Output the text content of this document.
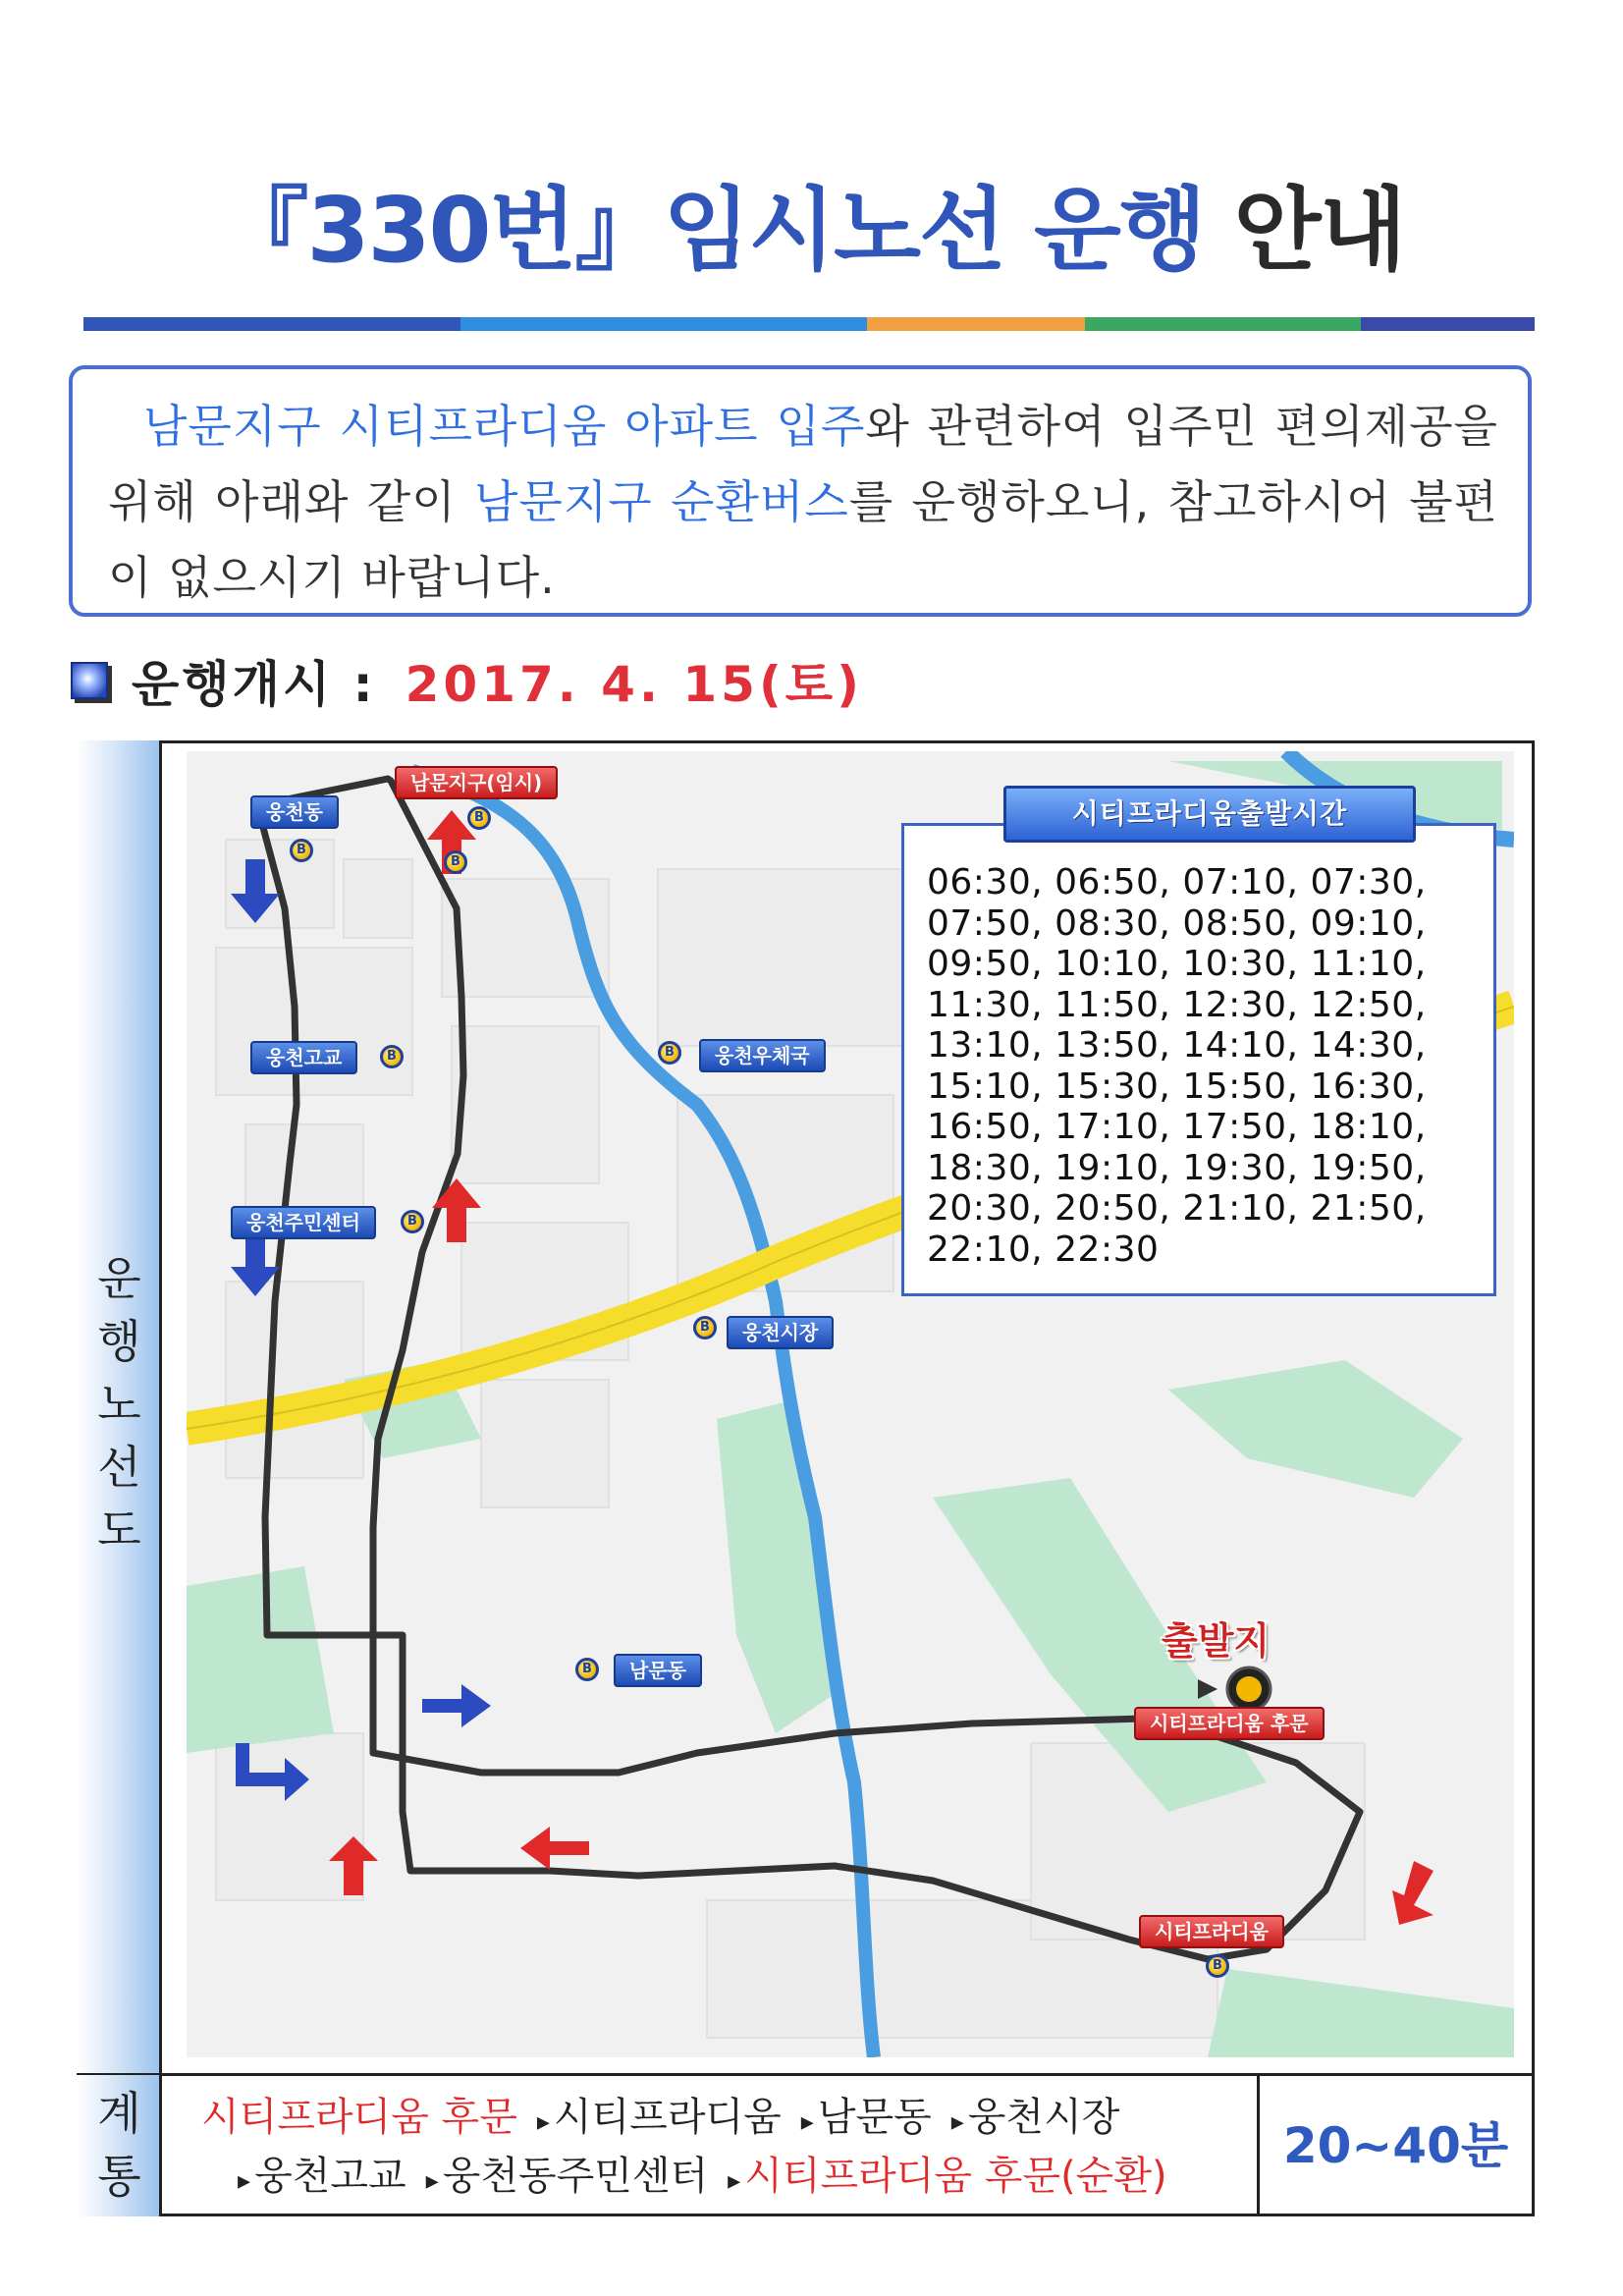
『330번』임시노선 운행 안내

남문지구 시티프라디움 아파트 입주와 관련하여 입주민 편의제공을 위해 아래와 같이 남문지구 순환버스를 운행하오니, 참고하시어 불편이 없으시기 바랍니다.

운행개시 : 2017. 4. 15(토)
운
행
노
선
도
남문지구(임시)
B
B
웅천동
B
웅천고교	B	웅천우체국
B
웅천주민센터	B
웅천시장
B
남문동
B
출발지
시티프라디움 후문
시티프라디움
B
시티프라디움출발시간
06:30, 06:50, 07:10, 07:30,
07:50, 08:30, 08:50, 09:10,
09:50, 10:10, 10:30, 11:10,
11:30, 11:50, 12:30, 12:50,
13:10, 13:50, 14:10, 14:30,
15:10, 15:30, 15:50, 16:30,
16:50, 17:10, 17:50, 18:10,
18:30, 19:10, 19:30, 19:50,
20:30, 20:50, 21:10, 21:50,
22:10, 22:30
계
통
시티프라디움 후문 ▸ 시티프라디움 ▸ 남문동 ▸ 웅천시장
▸ 웅천고교 ▸ 웅천동주민센터 ▸ 시티프라디움 후문(순환)
20~40분
